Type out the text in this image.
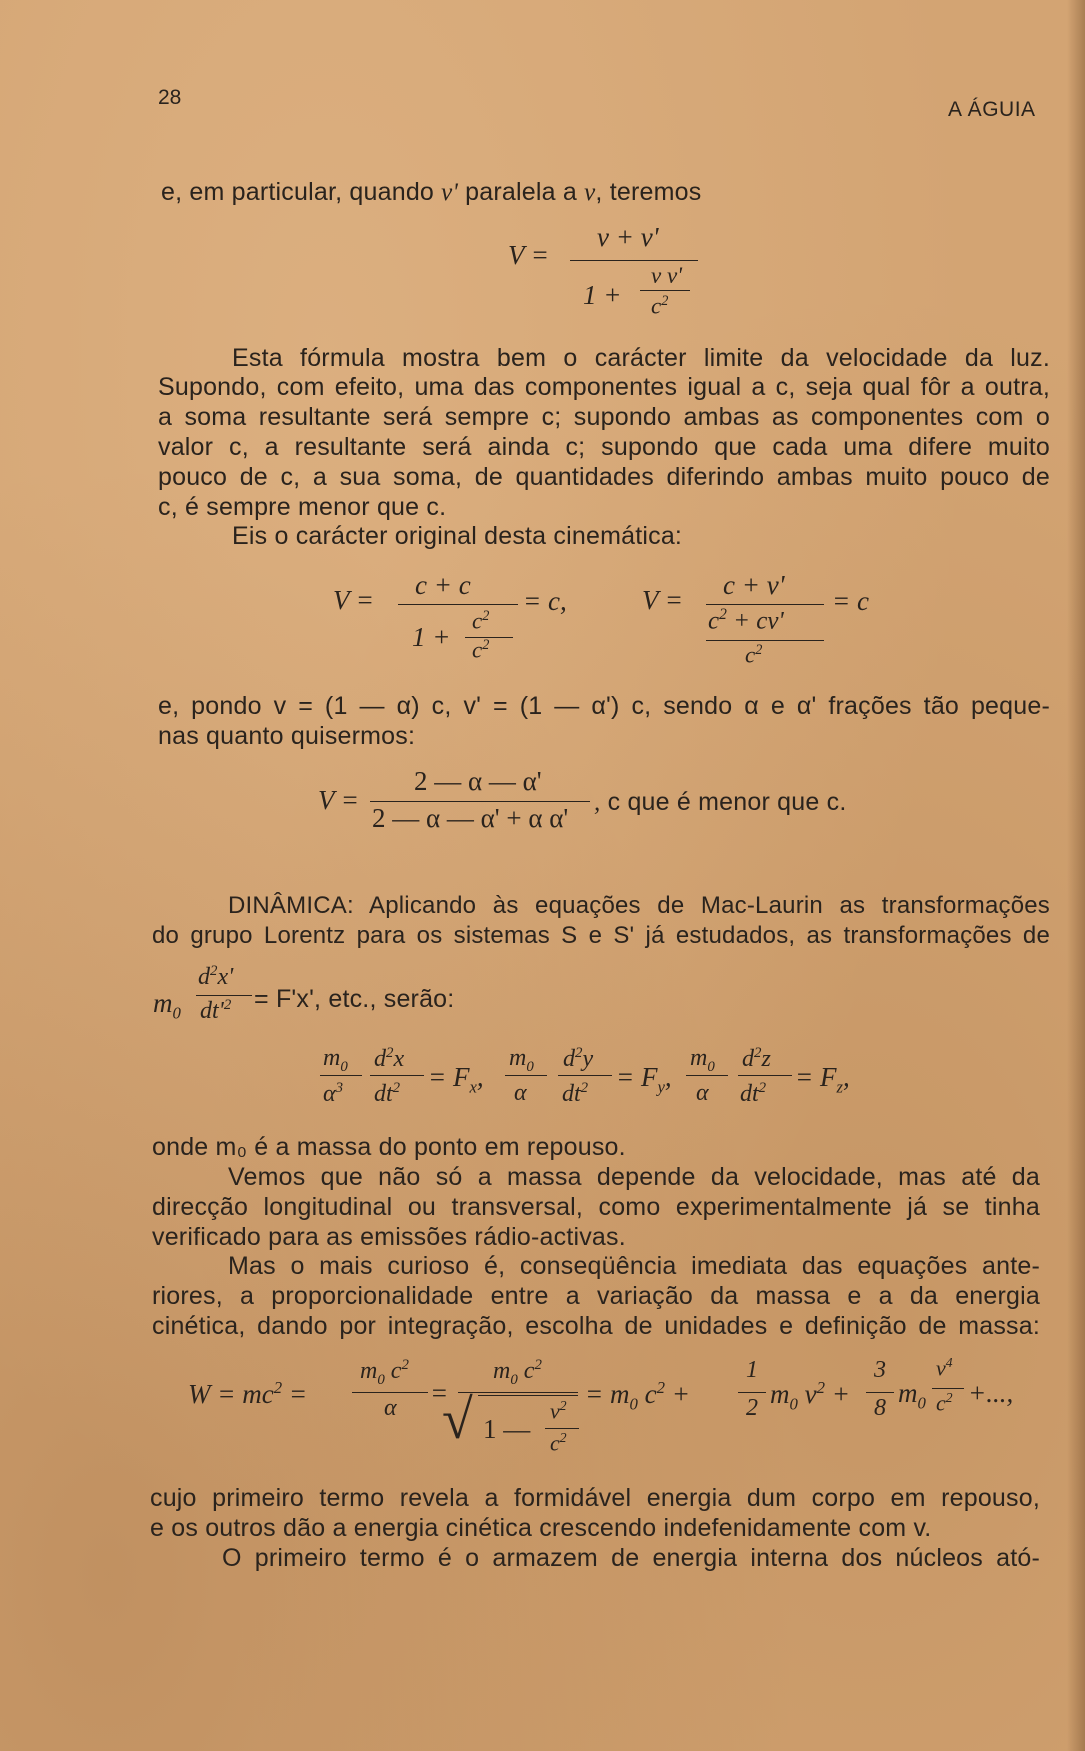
28
A ÁGUIA
e, em particular, quando v' paralela a v, teremos
V =
v + v'
v v'
$1 + c^2$
Esta fórmula mostra bem o carácter limite da velocidade da luz.
Supondo, com efeito, uma das componentes igual a c, seja qual fôr a outra,
a soma resultante será sempre c; supondo ambas as componentes com o
valor c, a resultante será ainda c; supondo que cada uma difere muito
pouco de c, a sua soma, de quantidades diferindo ambas muito pouco de
c, é sempre menor que c.
Eis o carácter original desta cinemática:
V = c + c
= c,
1 +
$c^2$
$c^2$
V = c + v'
= c
$c^2 + cv'$
$c^2$
e, pondo v = (1 — α) c, v' = (1 — α') c, sendo α e α' frações tão peque-
nas quanto quisermos:
V =
2 — α — α'
2 — α — α' + α α'
, c que é menor que c.
DINÂMICA: Aplicando às equações de Mac-Laurin as transformações
do grupo Lorentz para os sistemas S e S' já estudados, as transformações de
$m_0$
$d^2x'$
$dt'^2 = F'x'$, etc., serão:
$m_0$
$\alpha^3$
$d^2x$
$dt^2 = F_x$,
$m_0$
α
$d^2y$
$dt^2 = F_y$,
$m_0$
α
$d^2z$
$dt^2 = F_z$,
onde m₀ é a massa do ponto em repouso.
Vemos que não só a massa depende da velocidade, mas até da
direcção longitudinal ou transversal, como experimentalmente já se tinha
verificado para as emissões rádio-activas.
Mas o mais curioso é, conseqüência imediata das equações ante-
riores, a proporcionalidade entre a variação da massa e a da energia
cinética, dando por integração, escolha de unidades e definição de massa:
$W = mc^2$ =
$m_0$ $c^2$
α =
$m_0$ $c^2$
√ 1 —
$v^2$
$c^2$
= $m_0$ $c^2$ +
1
2 $m_0$ $v^2$ +
3
8 $m_0$
$v^4$
$c^2$ +...,
cujo primeiro termo revela a formidável energia dum corpo em repouso,
e os outros dão a energia cinética crescendo indefenidamente com v.
O primeiro termo é o armazem de energia interna dos núcleos ató-
